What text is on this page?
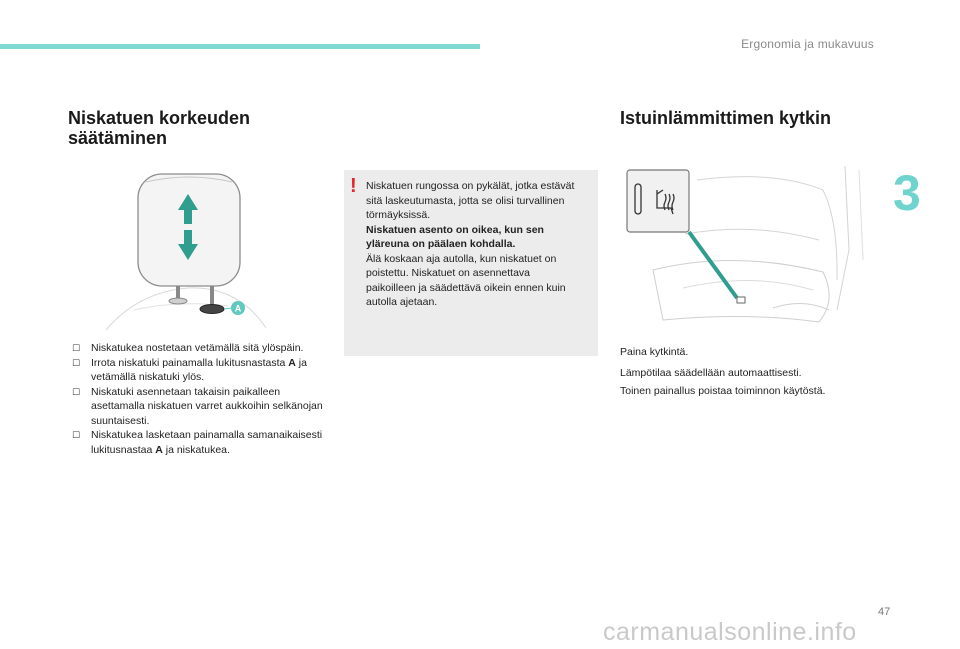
Ergonomia ja mukavuus
3
Niskatuen korkeuden
säätäminen
A
! Niskatuen rungossa on pykälät, jotka estävät sitä laskeutumasta, jotta se olisi turvallinen törmäyksissä.

Niskatuen asento on oikea, kun sen yläreuna on päälaen kohdalla.

Älä koskaan aja autolla, kun niskatuet on poistettu. Niskatuet on asennettava paikoilleen ja säädettävä oikein ennen kuin autolla ajetaan.

☐ Niskatukea nostetaan vetämällä sitä ylöspäin.
☐ Irrota niskatuki painamalla lukitusnastasta A ja vetämällä niskatuki ylös.
☐ Niskatuki asennetaan takaisin paikalleen asettamalla niskatuen varret aukkoihin selkänojan suuntaisesti.
☐ Niskatukea lasketaan painamalla samanaikaisesti lukitusnastaa A ja niskatukea.
Istuinlämmittimen kytkin

Paina kytkintä.

Lämpötilaa säädellään automaattisesti.

Toinen painallus poistaa toiminnon käytöstä.

47
carmanualsonline.info
